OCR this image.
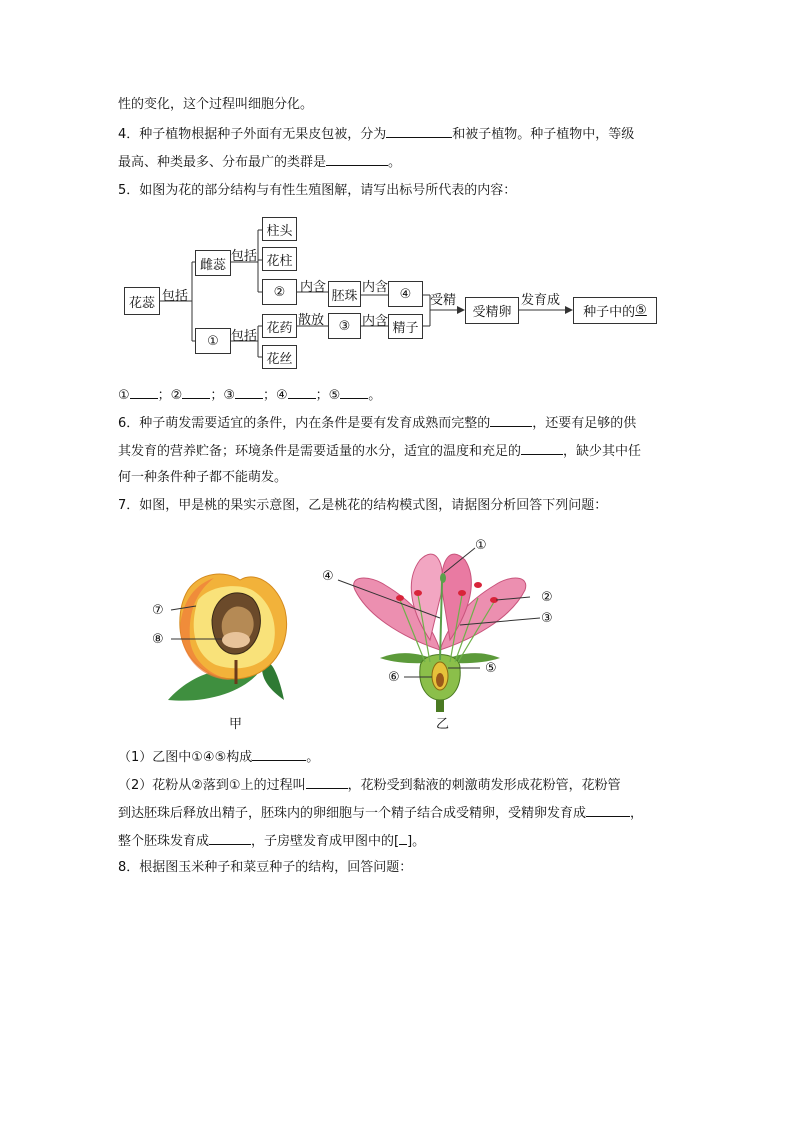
性的变化，这个过程叫细胞分化。
4．种子植物根据种子外面有无果皮包被，分为	和被子植物。种子植物中，等级
最高、种类最多、分布最广的类群是	。
5．如图为花的部分结构与有性生殖图解，请写出标号所代表的内容：
花蕊 包括
雌蕊
包括
柱头
花柱
②	内含
胚珠
内含 ④	受精
受精卵
发育成
种子中的 ⑤
① 包括
花药 散放	③ 内含 精子
花丝
① ；② ；③ ；④ ；⑤ 。
6．种子萌发需要适宜的条件，内在条件是要有发育成熟而完整的	，还要有足够的供
其发育的营养贮备；环境条件是需要适量的水分，适宜的温度和充足的	，缺少其中任
何一种条件种子都不能萌发。
7．如图，甲是桃的果实示意图，乙是桃花的结构模式图，请据图分析回答下列问题：
⑦
⑧
①
②
③
④
⑤
⑥
甲	乙
（1）乙图中①④⑤构成	。
（2）花粉从②落到①上的过程叫	，花粉受到黏液的刺激萌发形成花粉管，花粉管
到达胚珠后释放出精子，胚珠内的卵细胞与一个精子结合成受精卵，受精卵发育成	，
整个胚珠发育成	，子房壁发育成甲图中的[ ]。
8．根据图玉米种子和菜豆种子的结构，回答问题：
